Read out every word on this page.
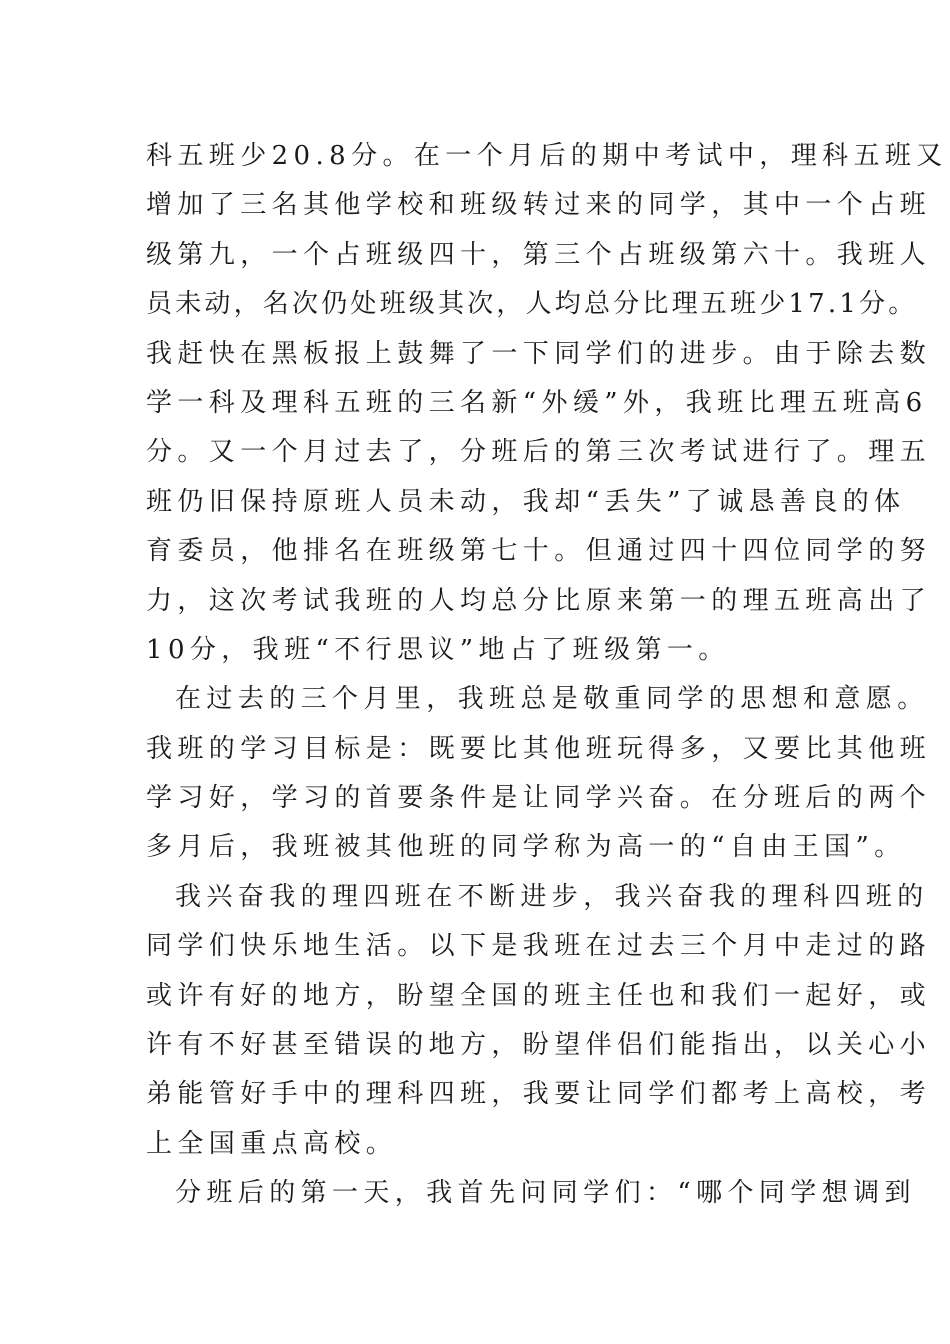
科五班少20.8分。在一个月后的期中考试中，理科五班又
增加了三名其他学校和班级转过来的同学，其中一个占班
级第九，一个占班级四十，第三个占班级第六十。我班人
员未动，名次仍处班级其次，人均总分比理五班少17.1分。
我赶快在黑板报上鼓舞了一下同学们的进步。由于除去数
学一科及理科五班的三名新“外缓”外，我班比理五班高6
分。又一个月过去了，分班后的第三次考试进行了。理五
班仍旧保持原班人员未动，我却“丢失”了诚恳善良的体
育委员，他排名在班级第七十。但通过四十四位同学的努
力，这次考试我班的人均总分比原来第一的理五班高出了
10分，我班“不行思议”地占了班级第一。
在过去的三个月里，我班总是敬重同学的思想和意愿。
我班的学习目标是：既要比其他班玩得多，又要比其他班
学习好，学习的首要条件是让同学兴奋。在分班后的两个
多月后，我班被其他班的同学称为高一的“自由王国”。
我兴奋我的理四班在不断进步，我兴奋我的理科四班的
同学们快乐地生活。以下是我班在过去三个月中走过的路
或许有好的地方，盼望全国的班主任也和我们一起好，或
许有不好甚至错误的地方，盼望伴侣们能指出，以关心小
弟能管好手中的理科四班，我要让同学们都考上高校，考
上全国重点高校。
分班后的第一天，我首先问同学们：“哪个同学想调到
